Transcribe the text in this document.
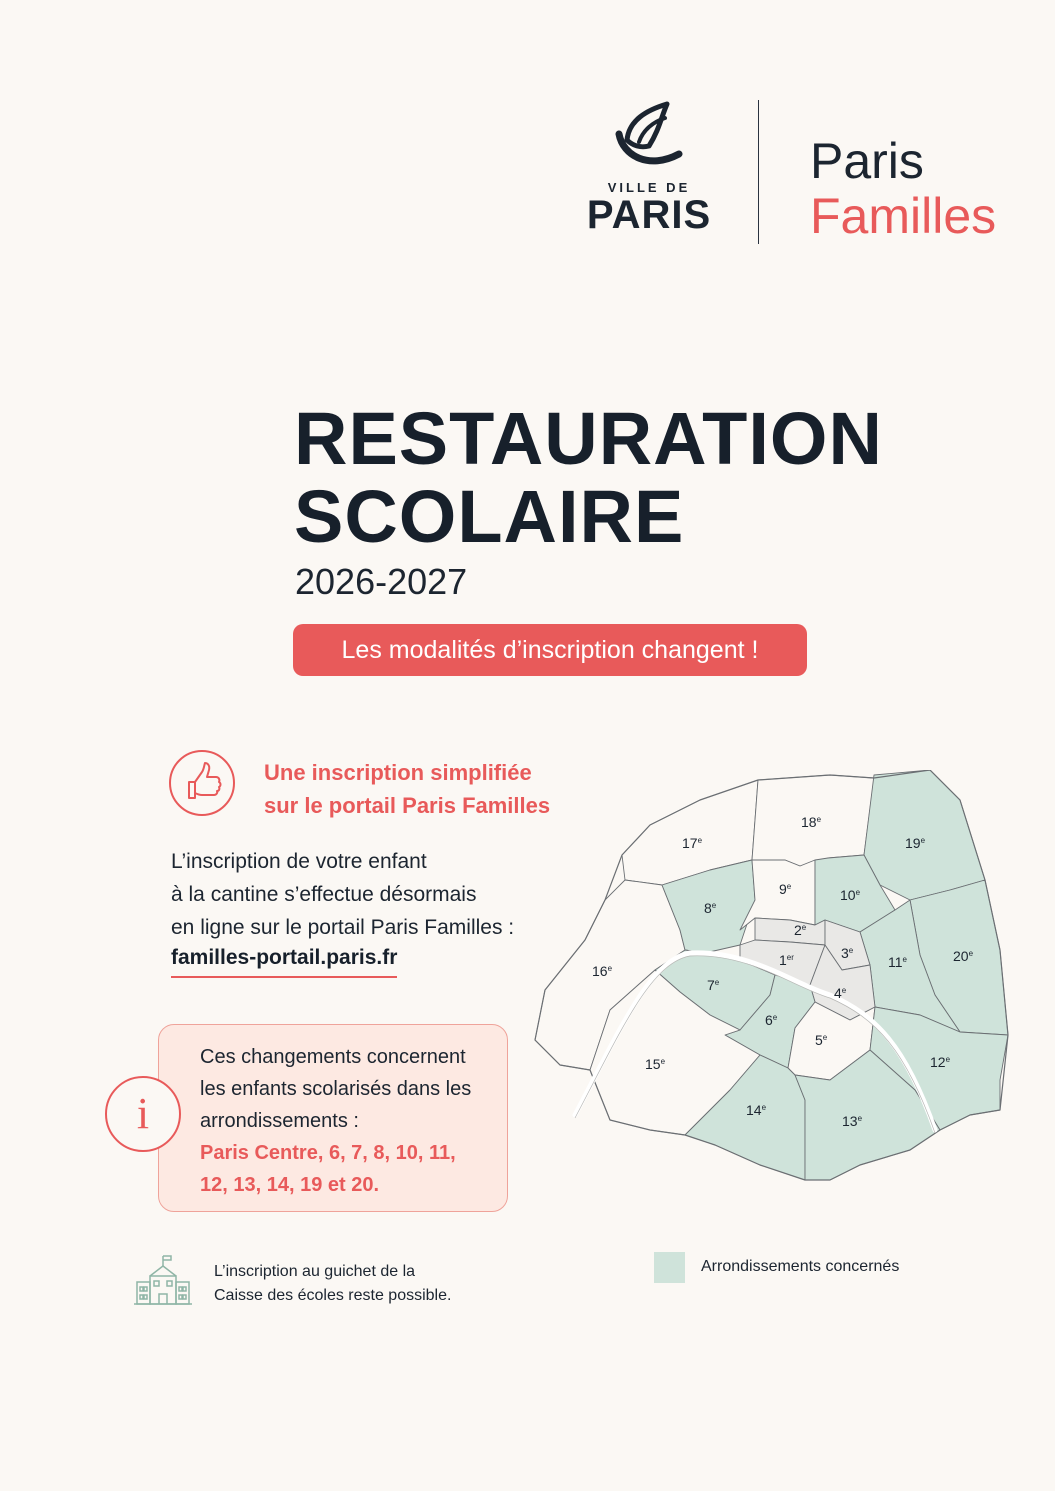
VILLE DE
PARIS
Paris
Familles
RESTAURATION
SCOLAIRE
2026-2027
Les modalités d’inscription changent !
Une inscription simplifiée
sur le portail Paris Familles
L’inscription de votre enfant
à la cantine s’effectue désormais
en ligne sur le portail Paris Familles :
familles-portail.paris.fr
i
Ces changements concernent
les enfants scolarisés dans les
arrondissements :
Paris Centre, 6, 7, 8, 10, 11,
12, 13, 14, 19 et 20.
L’inscription au guichet de la
Caisse des écoles reste possible.
Arrondissements concernés
17e
18e
19e
9e
10e
8e
2e
3e
1er	11e	20e
16e
7e
4e
6e
5e
15e	12e
14e
13e
